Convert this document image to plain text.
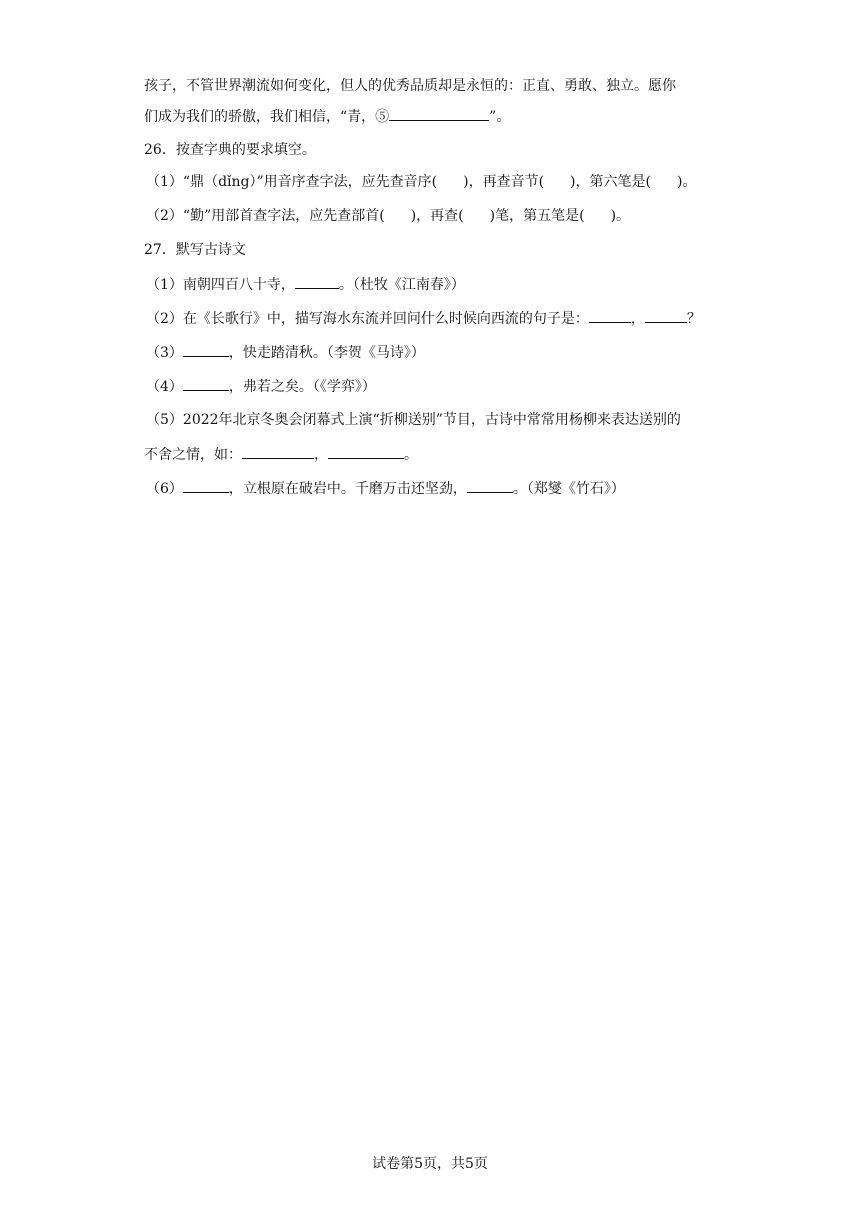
孩子，不管世界潮流如何变化，但人的优秀品质却是永恒的：正直、勇敢、独立。愿你
们成为我们的骄傲，我们相信，“青，⑤	”。
26．按查字典的要求填空。
（1）“鼎（dǐng）”用音序查字法，应先查音序( )，再查音节( )，第六笔是( )。
（2）“勤”用部首查字法，应先查部首( )，再查( )笔，第五笔是( )。
27．默写古诗文
（1）南朝四百八十寺，	。（杜牧《江南春》）
（2）在《长歌行》中，描写海水东流并回问什么时候向西流的句子是：	，	？
（3）	，快走踏清秋。（李贺《马诗》）
（4）	，弗若之矣。（《学弈》）
（5）2022年北京冬奥会闭幕式上演“折柳送别”节目，古诗中常常用杨柳来表达送别的
不舍之情，如：	，	。
（6）	，立根原在破岩中。千磨万击还坚劲，	。（郑燮《竹石》）
试卷第5页，共5页
